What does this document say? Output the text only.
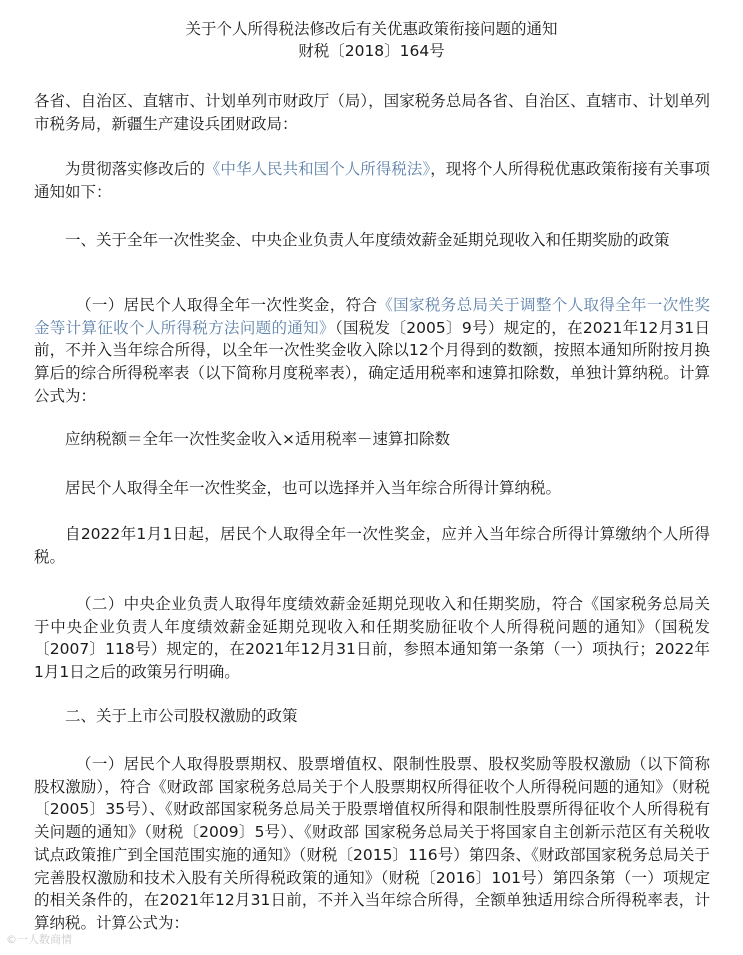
关于个人所得税法修改后有关优惠政策衔接问题的通知
财税〔2018〕164号
各省、自治区、直辖市、计划单列市财政厅（局），国家税务总局各省、自治区、直辖市、计划单列市税务局，新疆生产建设兵团财政局：
为贯彻落实修改后的《中华人民共和国个人所得税法》，现将个人所得税优惠政策衔接有关事项通知如下：
一、关于全年一次性奖金、中央企业负责人年度绩效薪金延期兑现收入和任期奖励的政策
（一）居民个人取得全年一次性奖金，符合《国家税务总局关于调整个人取得全年一次性奖金等计算征收个人所得税方法问题的通知》（国税发〔2005〕9号）规定的，在2021年12月31日前，不并入当年综合所得，以全年一次性奖金收入除以12个月得到的数额，按照本通知所附按月换算后的综合所得税率表（以下简称月度税率表），确定适用税率和速算扣除数，单独计算纳税。计算公式为：
应纳税额＝全年一次性奖金收入×适用税率－速算扣除数
居民个人取得全年一次性奖金，也可以选择并入当年综合所得计算纳税。
自2022年1月1日起，居民个人取得全年一次性奖金，应并入当年综合所得计算缴纳个人所得税。
（二）中央企业负责人取得年度绩效薪金延期兑现收入和任期奖励，符合《国家税务总局关于中央企业负责人年度绩效薪金延期兑现收入和任期奖励征收个人所得税问题的通知》（国税发〔2007〕118号）规定的，在2021年12月31日前，参照本通知第一条第（一）项执行；2022年1月1日之后的政策另行明确。
二、关于上市公司股权激励的政策
（一）居民个人取得股票期权、股票增值权、限制性股票、股权奖励等股权激励（以下简称股权激励），符合《财政部 国家税务总局关于个人股票期权所得征收个人所得税问题的通知》（财税〔2005〕35号）、《财政部国家税务总局关于股票增值权所得和限制性股票所得征收个人所得税有关问题的通知》（财税〔2009〕5号）、《财政部 国家税务总局关于将国家自主创新示范区有关税收试点政策推广到全国范围实施的通知》（财税〔2015〕116号）第四条、《财政部国家税务总局关于完善股权激励和技术入股有关所得税政策的通知》（财税〔2016〕101号）第四条第（一）项规定的相关条件的，在2021年12月31日前，不并入当年综合所得，全额单独适用综合所得税率表，计算纳税。计算公式为：
©一人数商情
